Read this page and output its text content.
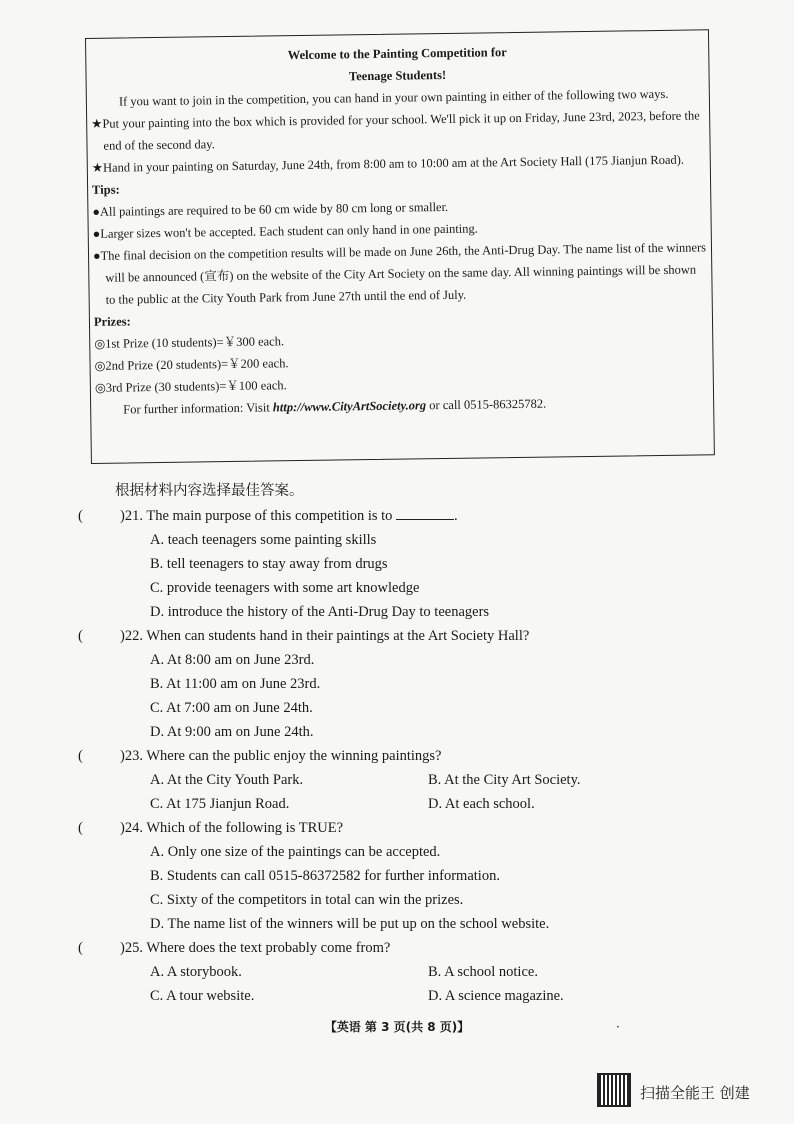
Welcome to the Painting Competition for
Teenage Students!
If you want to join in the competition, you can hand in your own painting in either of the following two ways.
★Put your painting into the box which is provided for your school. We'll pick it up on Friday, June 23rd, 2023, before the end of the second day.
★Hand in your painting on Saturday, June 24th, from 8:00 am to 10:00 am at the Art Society Hall (175 Jianjun Road).
Tips:
●All paintings are required to be 60 cm wide by 80 cm long or smaller.
●Larger sizes won't be accepted. Each student can only hand in one painting.
●The final decision on the competition results will be made on June 26th, the Anti-Drug Day. The name list of the winners will be announced (宣布) on the website of the City Art Society on the same day. All winning paintings will be shown to the public at the City Youth Park from June 27th until the end of July.
Prizes:
◎1st Prize (10 students)=￥300 each.
◎2nd Prize (20 students)=￥200 each.
◎3rd Prize (30 students)=￥100 each.
For further information: Visit http://www.CityArtSociety.org or call 0515-86325782.
根据材料内容选择最佳答案。
(	)21. The main purpose of this competition is to	.
A. teach teenagers some painting skills
B. tell teenagers to stay away from drugs
C. provide teenagers with some art knowledge
D. introduce the history of the Anti-Drug Day to teenagers
(	)22. When can students hand in their paintings at the Art Society Hall?
A. At 8:00 am on June 23rd.
B. At 11:00 am on June 23rd.
C. At 7:00 am on June 24th.
D. At 9:00 am on June 24th.
(	)23. Where can the public enjoy the winning paintings?
A. At the City Youth Park.	B. At the City Art Society.
C. At 175 Jianjun Road.	D. At each school.
(	)24. Which of the following is TRUE?
A. Only one size of the paintings can be accepted.
B. Students can call 0515-86372582 for further information.
C. Sixty of the competitors in total can win the prizes.
D. The name list of the winners will be put up on the school website.
(	)25. Where does the text probably come from?
A. A storybook.	B. A school notice.
C. A tour website.	D. A science magazine.
【英语 第 3 页(共 8 页)】	·
扫描全能王 创建
